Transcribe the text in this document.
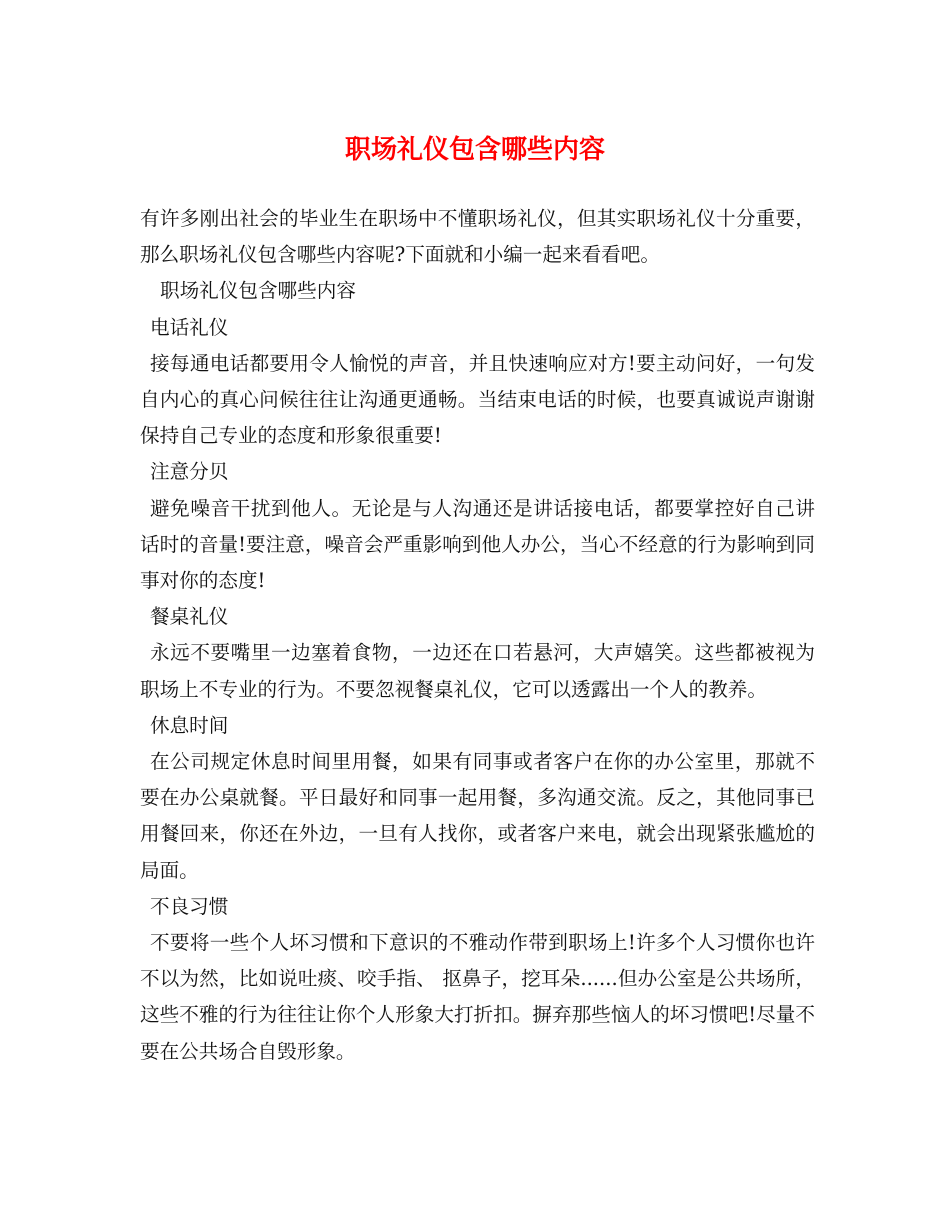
职场礼仪包含哪些内容

有许多刚出社会的毕业生在职场中不懂职场礼仪，但其实职场礼仪十分重要，那么职场礼仪包含哪些内容呢?下面就和小编一起来看看吧。

职场礼仪包含哪些内容

电话礼仪

接每通电话都要用令人愉悦的声音，并且快速响应对方!要主动问好，一句发自内心的真心问候往往让沟通更通畅。当结束电话的时候，也要真诚说声谢谢保持自己专业的态度和形象很重要!

注意分贝

避免噪音干扰到他人。无论是与人沟通还是讲话接电话，都要掌控好自己讲话时的音量!要注意，噪音会严重影响到他人办公，当心不经意的行为影响到同事对你的态度!

餐桌礼仪

永远不要嘴里一边塞着食物，一边还在口若悬河，大声嬉笑。这些都被视为职场上不专业的行为。不要忽视餐桌礼仪，它可以透露出一个人的教养。

休息时间

在公司规定休息时间里用餐，如果有同事或者客户在你的办公室里，那就不要在办公桌就餐。平日最好和同事一起用餐，多沟通交流。反之，其他同事已用餐回来，你还在外边，一旦有人找你，或者客户来电，就会出现紧张尴尬的局面。

不良习惯

不要将一些个人坏习惯和下意识的不雅动作带到职场上!许多个人习惯你也许不以为然，比如说吐痰、咬手指、 抠鼻子，挖耳朵......但办公室是公共场所，这些不雅的行为往往让你个人形象大打折扣。摒弃那些恼人的坏习惯吧!尽量不要在公共场合自毁形象。
